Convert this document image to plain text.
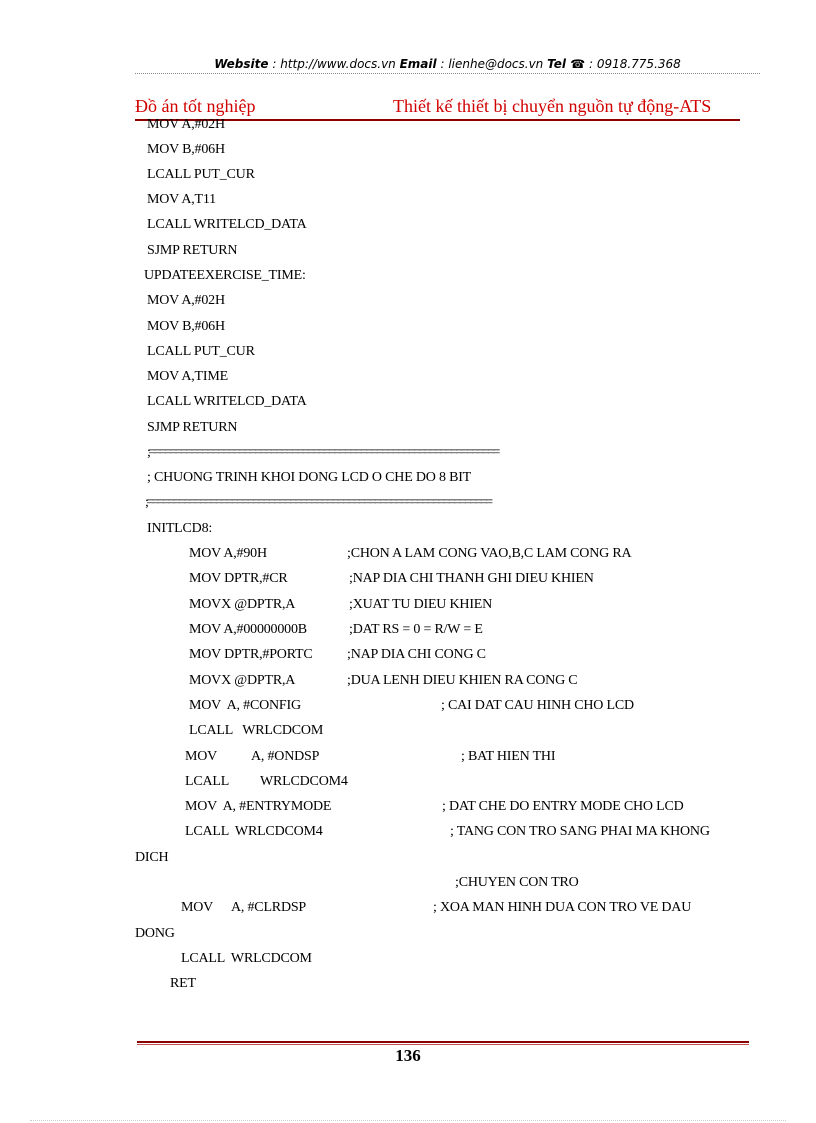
Website : http://www.docs.vn Email : lienhe@docs.vn Tel ☎ : 0918.775.368
Đồ án tốt nghiệp	Thiết kế thiết bị chuyển nguồn tự động-ATS
MOV A,#02H
MOV B,#06H
LCALL PUT_CUR
MOV A,T11
LCALL WRITELCD_DATA
SJMP RETURN
UPDATEEXERCISE_TIME:
MOV A,#02H
MOV B,#06H
LCALL PUT_CUR
MOV A,TIME
LCALL WRITELCD_DATA
SJMP RETURN
;==================================================================
; CHUONG TRINH KHOI DONG LCD O CHE DO 8 BIT
;=================================================================
INITLCD8:
MOV A,#90H	;CHON A LAM CONG VAO,B,C LAM CONG RA
MOV DPTR,#CR	;NAP DIA CHI THANH GHI DIEU KHIEN
MOVX @DPTR,A	;XUAT TU DIEU KHIEN
MOV A,#00000000B	;DAT RS = 0 = R/W = E
MOV DPTR,#PORTC ;NAP DIA CHI CONG C
MOVX @DPTR,A	;DUA LENH DIEU KHIEN RA CONG C
MOV  A, #CONFIG	; CAI DAT CAU HINH CHO LCD
LCALL   WRLCDCOM
MOV A, #ONDSP	; BAT HIEN THI
LCALL WRLCDCOM4
MOV  A, #ENTRYMODE	; DAT CHE DO ENTRY MODE CHO LCD
LCALL  WRLCDCOM4	; TANG CON TRO SANG PHAI MA KHONG
DICH
;CHUYEN CON TRO
MOV A, #CLRDSP	; XOA MAN HINH DUA CON TRO VE DAU
DONG
LCALL  WRLCDCOM
RET
136
